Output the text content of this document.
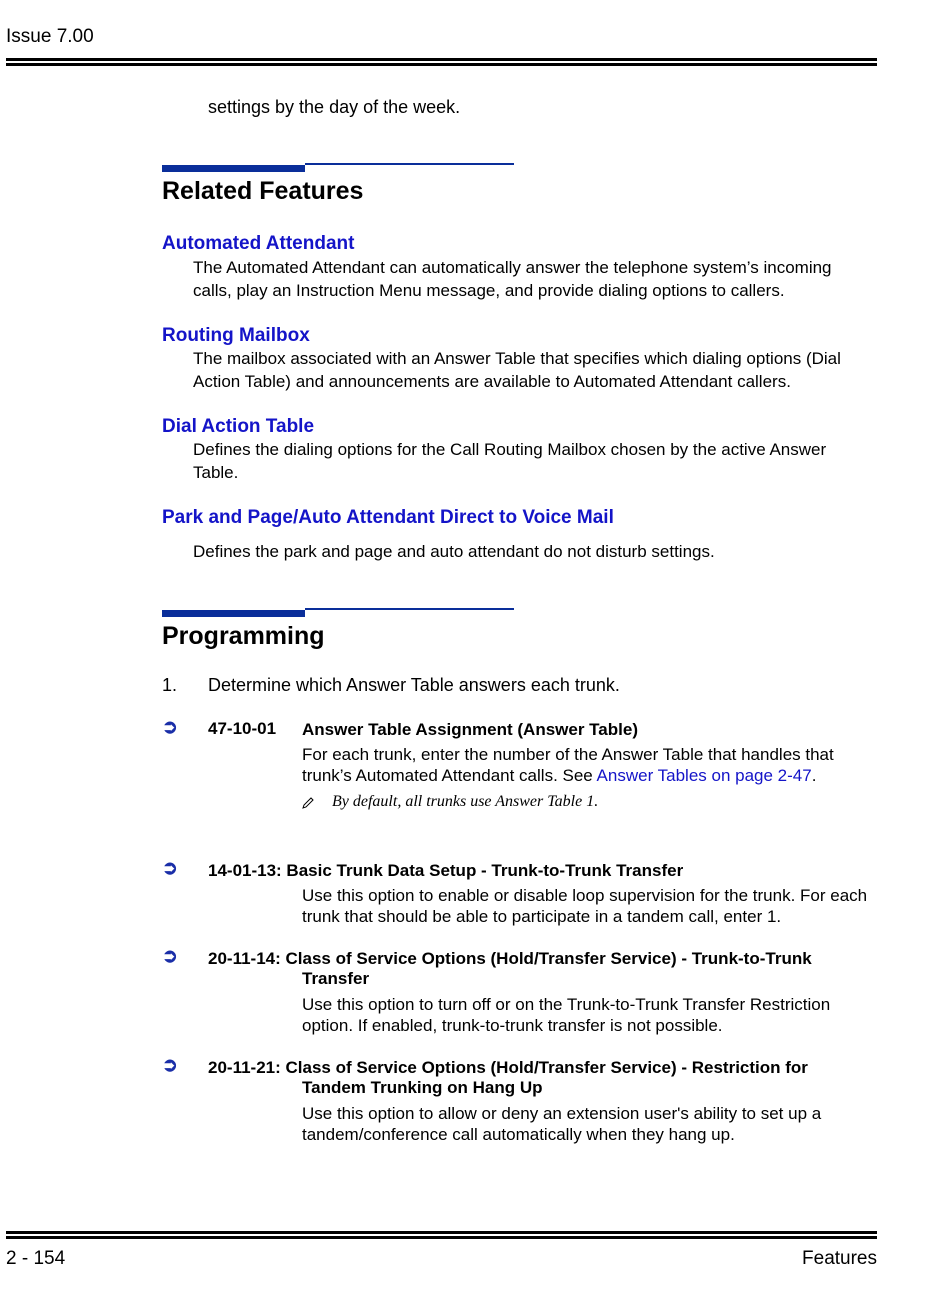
Issue 7.00
settings by the day of the week.
Related Features
Automated Attendant
The Automated Attendant can automatically answer the telephone system’s incoming
calls, play an Instruction Menu message, and provide dialing options to callers.
Routing Mailbox
The mailbox associated with an Answer Table that specifies which dialing options (Dial
Action Table) and announcements are available to Automated Attendant callers.
Dial Action Table
Defines the dialing options for the Call Routing Mailbox chosen by the active Answer
Table.
Park and Page/Auto Attendant Direct to Voice Mail
Defines the park and page and auto attendant do not disturb settings.
Programming
1. Determine which Answer Table answers each trunk.
➲ 47-10-01 Answer Table Assignment (Answer Table)
For each trunk, enter the number of the Answer Table that handles that
trunk’s Automated Attendant calls. See Answer Tables on page 2-47.
By default, all trunks use Answer Table 1.
➲ 14-01-13: Basic Trunk Data Setup - Trunk-to-Trunk Transfer
Use this option to enable or disable loop supervision for the trunk. For each
trunk that should be able to participate in a tandem call, enter 1.
➲ 20-11-14: Class of Service Options (Hold/Transfer Service) - Trunk-to-Trunk
Transfer
Use this option to turn off or on the Trunk-to-Trunk Transfer Restriction
option. If enabled, trunk-to-trunk transfer is not possible.
➲ 20-11-21: Class of Service Options (Hold/Transfer Service) - Restriction for
Tandem Trunking on Hang Up
Use this option to allow or deny an extension user's ability to set up a
tandem/conference call automatically when they hang up.
2 - 154	Features
